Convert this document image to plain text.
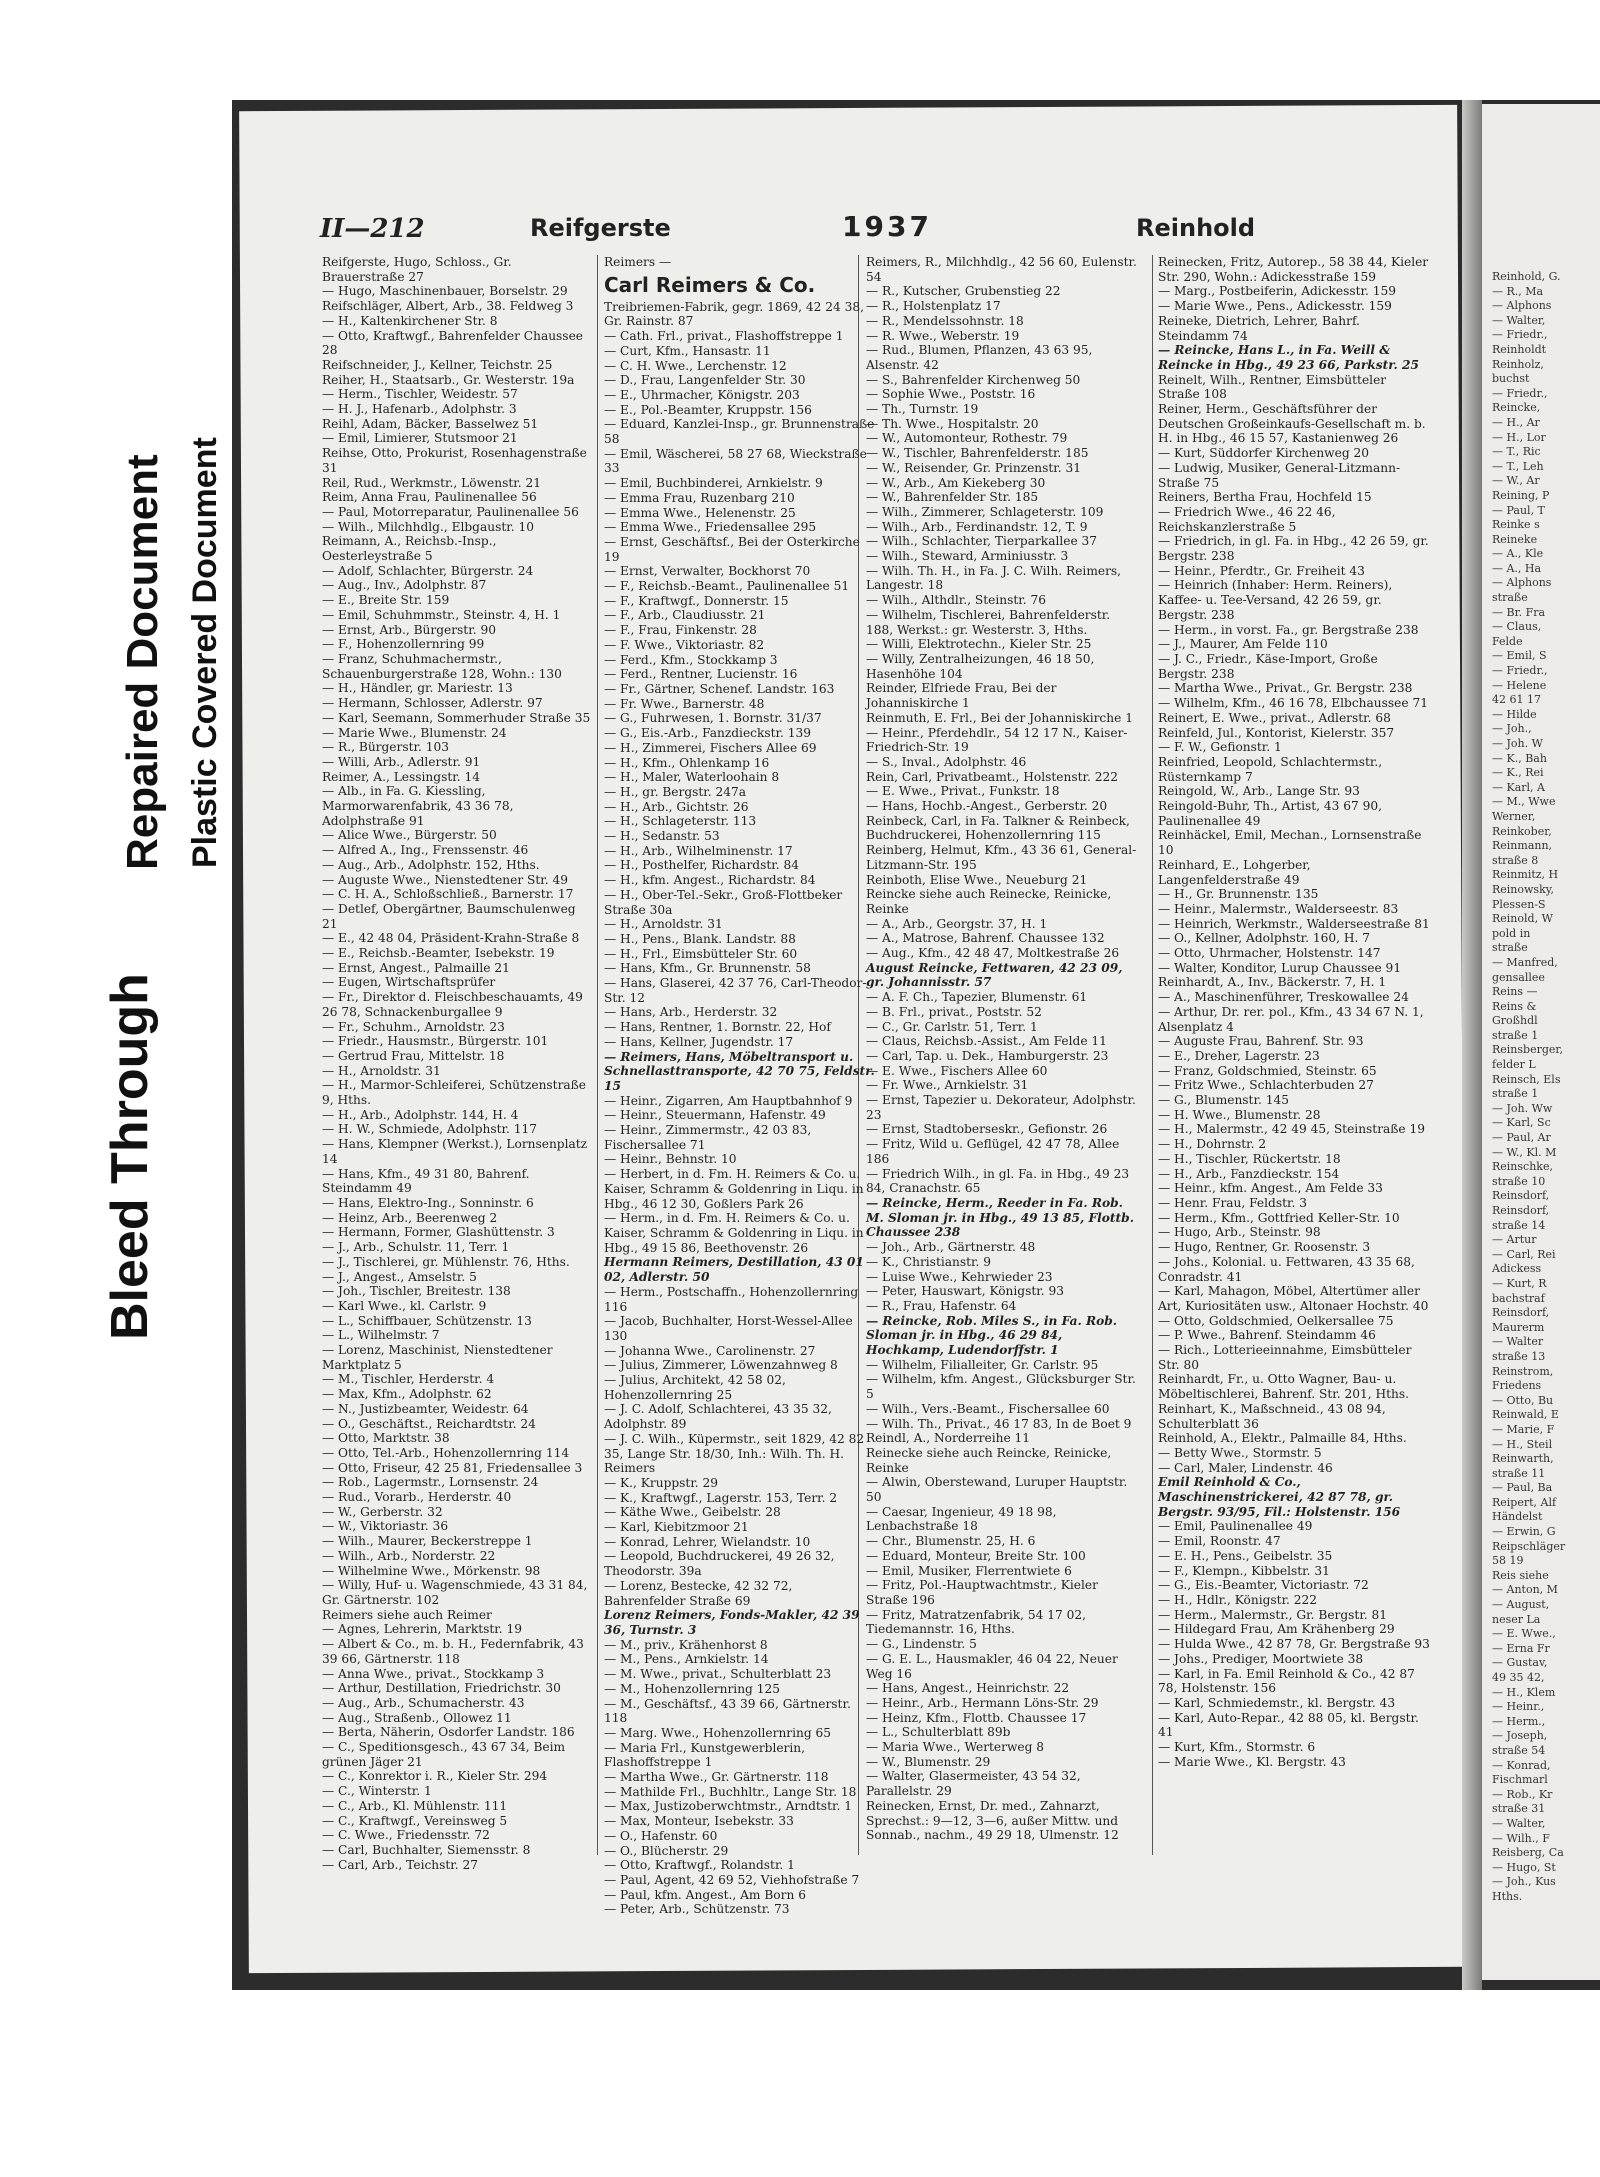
Bleed Through
Repaired Document Plastic Covered Document
II—212	Reifgerste	1937	Reinhold
Reifgerste, Hugo, Schloss., Gr. Brauerstraße 27
— Hugo, Maschinenbauer, Borselstr. 29
Reifschläger, Albert, Arb., 38. Feldweg 3
— H., Kaltenkirchener Str. 8
— Otto, Kraftwgf., Bahrenfelder Chaussee 28
Reifschneider, J., Kellner, Teichstr. 25
Reiher, H., Staatsarb., Gr. Westerstr. 19a
— Herm., Tischler, Weidestr. 57
— H. J., Hafenarb., Adolphstr. 3
Reihl, Adam, Bäcker, Basselwez 51
— Emil, Limierer, Stutsmoor 21
Reihse, Otto, Prokurist, Rosenhagenstraße 31
Reil, Rud., Werkmstr., Löwenstr. 21
Reim, Anna Frau, Paulinenallee 56
— Paul, Motorreparatur, Paulinenallee 56
— Wilh., Milchhdlg., Elbgaustr. 10
Reimann, A., Reichsb.-Insp., Oesterleystraße 5
— Adolf, Schlachter, Bürgerstr. 24
— Aug., Inv., Adolphstr. 87
— E., Breite Str. 159
— Emil, Schuhmmstr., Steinstr. 4, H. 1
— Ernst, Arb., Bürgerstr. 90
— F., Hohenzollernring 99
— Franz, Schuhmachermstr., Schauenburgerstraße 128, Wohn.: 130
— H., Händler, gr. Mariestr. 13
— Hermann, Schlosser, Adlerstr. 97
— Karl, Seemann, Sommerhuder Straße 35
— Marie Wwe., Blumenstr. 24
— R., Bürgerstr. 103
— Willi, Arb., Adlerstr. 91
Reimer, A., Lessingstr. 14
— Alb., in Fa. G. Kiessling, Marmorwarenfabrik, 43 36 78, Adolphstraße 91
— Alice Wwe., Bürgerstr. 50
— Alfred A., Ing., Frenssenstr. 46
— Aug., Arb., Adolphstr. 152, Hths.
— Auguste Wwe., Nienstedtener Str. 49
— C. H. A., Schloßschließ., Barnerstr. 17
— Detlef, Obergärtner, Baumschulenweg 21
— E., 42 48 04, Präsident-Krahn-Straße 8
— E., Reichsb.-Beamter, Isebekstr. 19
— Ernst, Angest., Palmaille 21
— Eugen, Wirtschaftsprüfer
— Fr., Direktor d. Fleischbeschauamts, 49 26 78, Schnackenburgallee 9
— Fr., Schuhm., Arnoldstr. 23
— Friedr., Hausmstr., Bürgerstr. 101
— Gertrud Frau, Mittelstr. 18
— H., Arnoldstr. 31
— H., Marmor-Schleiferei, Schützenstraße 9, Hths.
— H., Arb., Adolphstr. 144, H. 4
— H. W., Schmiede, Adolphstr. 117
— Hans, Klempner (Werkst.), Lornsenplatz 14
— Hans, Kfm., 49 31 80, Bahrenf. Steindamm 49
— Hans, Elektro-Ing., Sonninstr. 6
— Heinz, Arb., Beerenweg 2
— Hermann, Former, Glashüttenstr. 3
— J., Arb., Schulstr. 11, Terr. 1
— J., Tischlerei, gr. Mühlenstr. 76, Hths.
— J., Angest., Amselstr. 5
— Joh., Tischler, Breitestr. 138
— Karl Wwe., kl. Carlstr. 9
— L., Schiffbauer, Schützenstr. 13
— L., Wilhelmstr. 7
— Lorenz, Maschinist, Nienstedtener Marktplatz 5
— M., Tischler, Herderstr. 4
— Max, Kfm., Adolphstr. 62
— N., Justizbeamter, Weidestr. 64
— O., Geschäftst., Reichardtstr. 24
— Otto, Marktstr. 38
— Otto, Tel.-Arb., Hohenzollernring 114
— Otto, Friseur, 42 25 81, Friedensallee 3
— Rob., Lagermstr., Lornsenstr. 24
— Rud., Vorarb., Herderstr. 40
— W., Gerberstr. 32
— W., Viktoriastr. 36
— Wilh., Maurer, Beckerstreppe 1
— Wilh., Arb., Norderstr. 22
— Wilhelmine Wwe., Mörkenstr. 98
— Willy, Huf- u. Wagenschmiede, 43 31 84, Gr. Gärtnerstr. 102
Reimers siehe auch Reimer
— Agnes, Lehrerin, Marktstr. 19
— Albert & Co., m. b. H., Federnfabrik, 43 39 66, Gärtnerstr. 118
— Anna Wwe., privat., Stockkamp 3
— Arthur, Destillation, Friedrichstr. 30
— Aug., Arb., Schumacherstr. 43
— Aug., Straßenb., Ollowez 11
— Berta, Näherin, Osdorfer Landstr. 186
— C., Speditionsgesch., 43 67 34, Beim grünen Jäger 21
— C., Konrektor i. R., Kieler Str. 294
— C., Winterstr. 1
— C., Arb., Kl. Mühlenstr. 111
— C., Kraftwgf., Vereinsweg 5
— C. Wwe., Friedensstr. 72
— Carl, Buchhalter, Siemensstr. 8
— Carl, Arb., Teichstr. 27
Reimers —
Carl Reimers & Co.
Treibriemen-Fabrik, gegr. 1869, 42 24 38, Gr. Rainstr. 87
— Cath. Frl., privat., Flashoffstreppe 1
— Curt, Kfm., Hansastr. 11
— C. H. Wwe., Lerchenstr. 12
— D., Frau, Langenfelder Str. 30
— E., Uhrmacher, Königstr. 203
— E., Pol.-Beamter, Kruppstr. 156
— Eduard, Kanzlei-Insp., gr. Brunnenstraße 58
— Emil, Wäscherei, 58 27 68, Wieckstraße 33
— Emil, Buchbinderei, Arnkielstr. 9
— Emma Frau, Ruzenbarg 210
— Emma Wwe., Helenenstr. 25
— Emma Wwe., Friedensallee 295
— Ernst, Geschäftsf., Bei der Osterkirche 19
— Ernst, Verwalter, Bockhorst 70
— F., Reichsb.-Beamt., Paulinenallee 51
— F., Kraftwgf., Donnerstr. 15
— F., Arb., Claudiusstr. 21
— F., Frau, Finkenstr. 28
— F. Wwe., Viktoriastr. 82
— Ferd., Kfm., Stockkamp 3
— Ferd., Rentner, Lucienstr. 16
— Fr., Gärtner, Schenef. Landstr. 163
— Fr. Wwe., Barnerstr. 48
— G., Fuhrwesen, 1. Bornstr. 31/37
— G., Eis.-Arb., Fanzdieckstr. 139
— H., Zimmerei, Fischers Allee 69
— H., Kfm., Ohlenkamp 16
— H., Maler, Waterloohain 8
— H., gr. Bergstr. 247a
— H., Arb., Gichtstr. 26
— H., Schlageterstr. 113
— H., Sedanstr. 53
— H., Arb., Wilhelminenstr. 17
— H., Posthelfer, Richardstr. 84
— H., kfm. Angest., Richardstr. 84
— H., Ober-Tel.-Sekr., Groß-Flottbeker Straße 30a
— H., Arnoldstr. 31
— H., Pens., Blank. Landstr. 88
— H., Frl., Eimsbütteler Str. 60
— Hans, Kfm., Gr. Brunnenstr. 58
— Hans, Glaserei, 42 37 76, Carl-Theodor-Str. 12
— Hans, Arb., Herderstr. 32
— Hans, Rentner, 1. Bornstr. 22, Hof
— Hans, Kellner, Jugendstr. 17
— Reimers, Hans, Möbeltransport u. Schnellasttransporte, 42 70 75, Feldstr. 15
— Heinr., Zigarren, Am Hauptbahnhof 9
— Heinr., Steuermann, Hafenstr. 49
— Heinr., Zimmermstr., 42 03 83, Fischersallee 71
— Heinr., Behnstr. 10
— Herbert, in d. Fm. H. Reimers & Co. u. Kaiser, Schramm & Goldenring in Liqu. in Hbg., 46 12 30, Goßlers Park 26
— Herm., in d. Fm. H. Reimers & Co. u. Kaiser, Schramm & Goldenring in Liqu. in Hbg., 49 15 86, Beethovenstr. 26
Hermann Reimers, Destillation, 43 01 02, Adlerstr. 50
— Herm., Postschaffn., Hohenzollernring 116
— Jacob, Buchhalter, Horst-Wessel-Allee 130
— Johanna Wwe., Carolinenstr. 27
— Julius, Zimmerer, Löwenzahnweg 8
— Julius, Architekt, 42 58 02, Hohenzollernring 25
— J. C. Adolf, Schlachterei, 43 35 32, Adolphstr. 89
— J. C. Wilh., Küpermstr., seit 1829, 42 82 35, Lange Str. 18/30, Inh.: Wilh. Th. H. Reimers
— K., Kruppstr. 29
— K., Kraftwgf., Lagerstr. 153, Terr. 2
— Käthe Wwe., Geibelstr. 28
— Karl, Kiebitzmoor 21
— Konrad, Lehrer, Wielandstr. 10
— Leopold, Buchdruckerei, 49 26 32, Theodorstr. 39a
— Lorenz, Bestecke, 42 32 72, Bahrenfelder Straße 69
Lorenz Reimers, Fonds-Makler, 42 39 36, Turnstr. 3
— M., priv., Krähenhorst 8
— M., Pens., Arnkielstr. 14
— M. Wwe., privat., Schulterblatt 23
— M., Hohenzollernring 125
— M., Geschäftsf., 43 39 66, Gärtnerstr. 118
— Marg. Wwe., Hohenzollernring 65
— Maria Frl., Kunstgewerblerin, Flashoffstreppe 1
— Martha Wwe., Gr. Gärtnerstr. 118
— Mathilde Frl., Buchhltr., Lange Str. 18
— Max, Justizoberwchtmstr., Arndtstr. 1
— Max, Monteur, Isebekstr. 33
— O., Hafenstr. 60
— O., Blücherstr. 29
— Otto, Kraftwgf., Rolandstr. 1
— Paul, Agent, 42 69 52, Viehhofstraße 7
— Paul, kfm. Angest., Am Born 6
— Peter, Arb., Schützenstr. 73
Reimers, R., Milchhdlg., 42 56 60, Eulenstr. 54
— R., Kutscher, Grubenstieg 22
— R., Holstenplatz 17
— R., Mendelssohnstr. 18
— R. Wwe., Weberstr. 19
— Rud., Blumen, Pflanzen, 43 63 95, Alsenstr. 42
— S., Bahrenfelder Kirchenweg 50
— Sophie Wwe., Poststr. 16
— Th., Turnstr. 19
— Th. Wwe., Hospitalstr. 20
— W., Automonteur, Rothestr. 79
— W., Tischler, Bahrenfelderstr. 185
— W., Reisender, Gr. Prinzenstr. 31
— W., Arb., Am Kiekeberg 30
— W., Bahrenfelder Str. 185
— Wilh., Zimmerer, Schlageterstr. 109
— Wilh., Arb., Ferdinandstr. 12, T. 9
— Wilh., Schlachter, Tierparkallee 37
— Wilh., Steward, Arminiusstr. 3
— Wilh. Th. H., in Fa. J. C. Wilh. Reimers, Langestr. 18
— Wilh., Althdlr., Steinstr. 76
— Wilhelm, Tischlerei, Bahrenfelderstr. 188, Werkst.: gr. Westerstr. 3, Hths.
— Willi, Elektrotechn., Kieler Str. 25
— Willy, Zentralheizungen, 46 18 50, Hasenhöhe 104
Reinder, Elfriede Frau, Bei der Johanniskirche 1
Reinmuth, E. Frl., Bei der Johanniskirche 1
— Heinr., Pferdehdlr., 54 12 17 N., Kaiser-Friedrich-Str. 19
— S., Inval., Adolphstr. 46
Rein, Carl, Privatbeamt., Holstenstr. 222
— E. Wwe., Privat., Funkstr. 18
— Hans, Hochb.-Angest., Gerberstr. 20
Reinbeck, Carl, in Fa. Talkner & Reinbeck, Buchdruckerei, Hohenzollernring 115
Reinberg, Helmut, Kfm., 43 36 61, General-Litzmann-Str. 195
Reinboth, Elise Wwe., Neueburg 21
Reincke siehe auch Reinecke, Reinicke, Reinke
— A., Arb., Georgstr. 37, H. 1
— A., Matrose, Bahrenf. Chaussee 132
— Aug., Kfm., 42 48 47, Moltkestraße 26
August Reincke, Fettwaren, 42 23 09, gr. Johannisstr. 57
— A. F. Ch., Tapezier, Blumenstr. 61
— B. Frl., privat., Poststr. 52
— C., Gr. Carlstr. 51, Terr. 1
— Claus, Reichsb.-Assist., Am Felde 11
— Carl, Tap. u. Dek., Hamburgerstr. 23
— E. Wwe., Fischers Allee 60
— Fr. Wwe., Arnkielstr. 31
— Ernst, Tapezier u. Dekorateur, Adolphstr. 23
— Ernst, Stadtoberseskr., Gefionstr. 26
— Fritz, Wild u. Geflügel, 42 47 78, Allee 186
— Friedrich Wilh., in gl. Fa. in Hbg., 49 23 84, Cranachstr. 65
— Reincke, Herm., Reeder in Fa. Rob. M. Sloman jr. in Hbg., 49 13 85, Flottb. Chaussee 238
— Joh., Arb., Gärtnerstr. 48
— K., Christianstr. 9
— Luise Wwe., Kehrwieder 23
— Peter, Hauswart, Königstr. 93
— R., Frau, Hafenstr. 64
— Reincke, Rob. Miles S., in Fa. Rob. Sloman jr. in Hbg., 46 29 84, Hochkamp, Ludendorffstr. 1
— Wilhelm, Filialleiter, Gr. Carlstr. 95
— Wilhelm, kfm. Angest., Glücksburger Str. 5
— Wilh., Vers.-Beamt., Fischersallee 60
— Wilh. Th., Privat., 46 17 83, In de Boet 9
Reindl, A., Norderreihe 11
Reinecke siehe auch Reincke, Reinicke, Reinke
— Alwin, Oberstewand, Luruper Hauptstr. 50
— Caesar, Ingenieur, 49 18 98, Lenbachstraße 18
— Chr., Blumenstr. 25, H. 6
— Eduard, Monteur, Breite Str. 100
— Emil, Musiker, Flerrentwiete 6
— Fritz, Pol.-Hauptwachtmstr., Kieler Straße 196
— Fritz, Matratzenfabrik, 54 17 02, Tiedemannstr. 16, Hths.
— G., Lindenstr. 5
— G. E. L., Hausmakler, 46 04 22, Neuer Weg 16
— Hans, Angest., Heinrichstr. 22
— Heinr., Arb., Hermann Löns-Str. 29
— Heinz, Kfm., Flottb. Chaussee 17
— L., Schulterblatt 89b
— Maria Wwe., Werterweg 8
— W., Blumenstr. 29
— Walter, Glasermeister, 43 54 32, Parallelstr. 29
Reinecken, Ernst, Dr. med., Zahnarzt, Sprechst.: 9—12, 3—6, außer Mittw. und Sonnab., nachm., 49 29 18, Ulmenstr. 12
Reinecken, Fritz, Autorep., 58 38 44, Kieler Str. 290, Wohn.: Adickesstraße 159
— Marg., Postbeiferin, Adickesstr. 159
— Marie Wwe., Pens., Adickesstr. 159
Reineke, Dietrich, Lehrer, Bahrf. Steindamm 74
— Reincke, Hans L., in Fa. Weill & Reincke in Hbg., 49 23 66, Parkstr. 25
Reinelt, Wilh., Rentner, Eimsbütteler Straße 108
Reiner, Herm., Geschäftsführer der Deutschen Großeinkaufs-Gesellschaft m. b. H. in Hbg., 46 15 57, Kastanienweg 26
— Kurt, Süddorfer Kirchenweg 20
— Ludwig, Musiker, General-Litzmann-Straße 75
Reiners, Bertha Frau, Hochfeld 15
— Friedrich Wwe., 46 22 46, Reichskanzlerstraße 5
— Friedrich, in gl. Fa. in Hbg., 42 26 59, gr. Bergstr. 238
— Heinr., Pferdtr., Gr. Freiheit 43
— Heinrich (Inhaber: Herm. Reiners), Kaffee- u. Tee-Versand, 42 26 59, gr. Bergstr. 238
— Herm., in vorst. Fa., gr. Bergstraße 238
— J., Maurer, Am Felde 110
— J. C., Friedr., Käse-Import, Große Bergstr. 238
— Martha Wwe., Privat., Gr. Bergstr. 238
— Wilhelm, Kfm., 46 16 78, Elbchaussee 71
Reinert, E. Wwe., privat., Adlerstr. 68
Reinfeld, Jul., Kontorist, Kielerstr. 357
— F. W., Gefionstr. 1
Reinfried, Leopold, Schlachtermstr., Rüsternkamp 7
Reingold, W., Arb., Lange Str. 93
Reingold-Buhr, Th., Artist, 43 67 90, Paulinenallee 49
Reinhäckel, Emil, Mechan., Lornsenstraße 10
Reinhard, E., Lohgerber, Langenfelderstraße 49
— H., Gr. Brunnenstr. 135
— Heinr., Malermstr., Walderseestr. 83
— Heinrich, Werkmstr., Walderseestraße 81
— O., Kellner, Adolphstr. 160, H. 7
— Otto, Uhrmacher, Holstenstr. 147
— Walter, Konditor, Lurup Chaussee 91
Reinhardt, A., Inv., Bäckerstr. 7, H. 1
— A., Maschinenführer, Treskowallee 24
— Arthur, Dr. rer. pol., Kfm., 43 34 67 N. 1, Alsenplatz 4
— Auguste Frau, Bahrenf. Str. 93
— E., Dreher, Lagerstr. 23
— Franz, Goldschmied, Steinstr. 65
— Fritz Wwe., Schlachterbuden 27
— G., Blumenstr. 145
— H. Wwe., Blumenstr. 28
— H., Malermstr., 42 49 45, Steinstraße 19
— H., Dohrnstr. 2
— H., Tischler, Rückertstr. 18
— H., Arb., Fanzdieckstr. 154
— Heinr., kfm. Angest., Am Felde 33
— Henr. Frau, Feldstr. 3
— Herm., Kfm., Gottfried Keller-Str. 10
— Hugo, Arb., Steinstr. 98
— Hugo, Rentner, Gr. Roosenstr. 3
— Johs., Kolonial. u. Fettwaren, 43 35 68, Conradstr. 41
— Karl, Mahagon, Möbel, Altertümer aller Art, Kuriositäten usw., Altonaer Hochstr. 40
— Otto, Goldschmied, Oelkersallee 75
— P. Wwe., Bahrenf. Steindamm 46
— Rich., Lotterieeinnahme, Eimsbütteler Str. 80
Reinhardt, Fr., u. Otto Wagner, Bau- u. Möbeltischlerei, Bahrenf. Str. 201, Hths.
Reinhart, K., Maßschneid., 43 08 94, Schulterblatt 36
Reinhold, A., Elektr., Palmaille 84, Hths.
— Betty Wwe., Stormstr. 5
— Carl, Maler, Lindenstr. 46
Emil Reinhold & Co., Maschinenstrickerei, 42 87 78, gr. Bergstr. 93/95, Fil.: Holstenstr. 156
— Emil, Paulinenallee 49
— Emil, Roonstr. 47
— E. H., Pens., Geibelstr. 35
— F., Klempn., Kibbelstr. 31
— G., Eis.-Beamter, Victoriastr. 72
— H., Hdlr., Königstr. 222
— Herm., Malermstr., Gr. Bergstr. 81
— Hildegard Frau, Am Krähenberg 29
— Hulda Wwe., 42 87 78, Gr. Bergstraße 93
— Johs., Prediger, Moortwiete 38
— Karl, in Fa. Emil Reinhold & Co., 42 87 78, Holstenstr. 156
— Karl, Schmiedemstr., kl. Bergstr. 43
— Karl, Auto-Repar., 42 88 05, kl. Bergstr. 41
— Kurt, Kfm., Stormstr. 6
— Marie Wwe., Kl. Bergstr. 43
Reinhold, G.
— R., Ma
— Alphons
— Walter,
— Friedr.,
Reinholdt
Reinholz,
buchst
— Friedr.,
Reincke,
— H., Ar
— H., Lor
— T., Ric
— T., Leh
— W., Ar
Reining, P
— Paul, T
Reinke s
Reineke
— A., Kle
— A., Ha
— Alphons
straße
— Br. Fra
— Claus,
Felde
— Emil, S
— Friedr.,
— Helene
42 61 17
— Hilde
— Joh.,
— Joh. W
— K., Bah
— K., Rei
— Karl, A
— M., Wwe
Werner,
Reinkober,
Reinmann,
straße 8
Reinmitz, H
Reinowsky,
Plessen-S
Reinold, W
pold in
straße
— Manfred,
gensallee
Reins —
Reins &
Großhdl
straße 1
Reinsberger,
felder L
Reinsch, Els
straße 1
— Joh. Ww
— Karl, Sc
— Paul, Ar
— W., Kl. M
Reinschke,
straße 10
Reinsdorf,
Reinsdorf,
straße 14
— Artur
— Carl, Rei
Adickess
— Kurt, R
bachstraf
Reinsdorf,
Maurerm
— Walter
straße 13
Reinstrom,
Friedens
— Otto, Bu
Reinwald, E
— Marie, F
— H., Steil
Reinwarth,
straße 11
— Paul, Ba
Reipert, Alf
Händelst
— Erwin, G
Reipschläger
58 19
Reis siehe
— Anton, M
— August,
neser La
— E. Wwe.,
— Erna Fr
— Gustav,
49 35 42,
— H., Klem
— Heinr.,
— Herm.,
— Joseph,
straße 54
— Konrad,
Fischmarl
— Rob., Kr
straße 31
— Walter,
— Wilh., F
Reisberg, Ca
— Hugo, St
— Joh., Kus
Hths.
